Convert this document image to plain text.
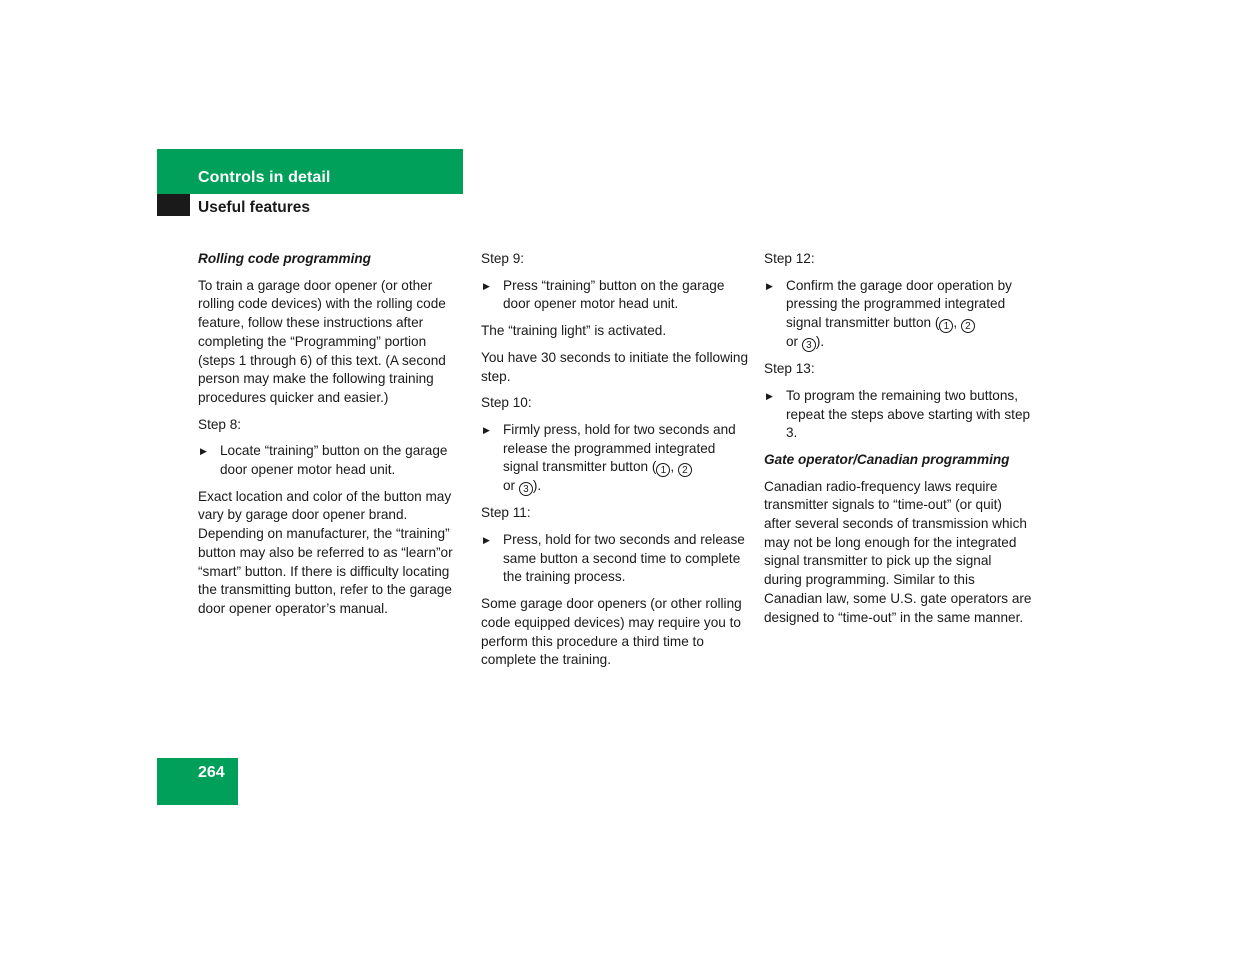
Controls in detail
Useful features

Rolling code programming

To train a garage door opener (or other rolling code devices) with the rolling code feature, follow these instructions after completing the “Programming” portion (steps 1 through 6) of this text. (A second person may make the following training procedures quicker and easier.)

Step 8:

▶ Locate “training” button on the garage door opener motor head unit.

Exact location and color of the button may vary by garage door opener brand. Depending on manufacturer, the “training” button may also be referred to as “learn”or “smart” button. If there is difficulty locating the transmitting button, refer to the garage door opener operator’s manual.

Step 9:

▶ Press “training” button on the garage door opener motor head unit.

The “training light” is activated.

You have 30 seconds to initiate the following step.

Step 10:

▶ Firmly press, hold for two seconds and release the programmed integrated signal transmitter button ( 1 , 2
or 3 ).

Step 11:

▶ Press, hold for two seconds and release same button a second time to complete the training process.

Some garage door openers (or other rolling code equipped devices) may require you to perform this procedure a third time to complete the training.

Step 12:

▶ Confirm the garage door operation by pressing the programmed integrated signal transmitter button ( 1 , 2
or 3 ).

Step 13:

▶ To program the remaining two buttons, repeat the steps above starting with step 3.

Gate operator/Canadian programming

Canadian radio-frequency laws require transmitter signals to “time-out” (or quit) after several seconds of transmission which may not be long enough for the integrated signal transmitter to pick up the signal during programming. Similar to this Canadian law, some U.S. gate operators are designed to “time-out” in the same manner.

264
